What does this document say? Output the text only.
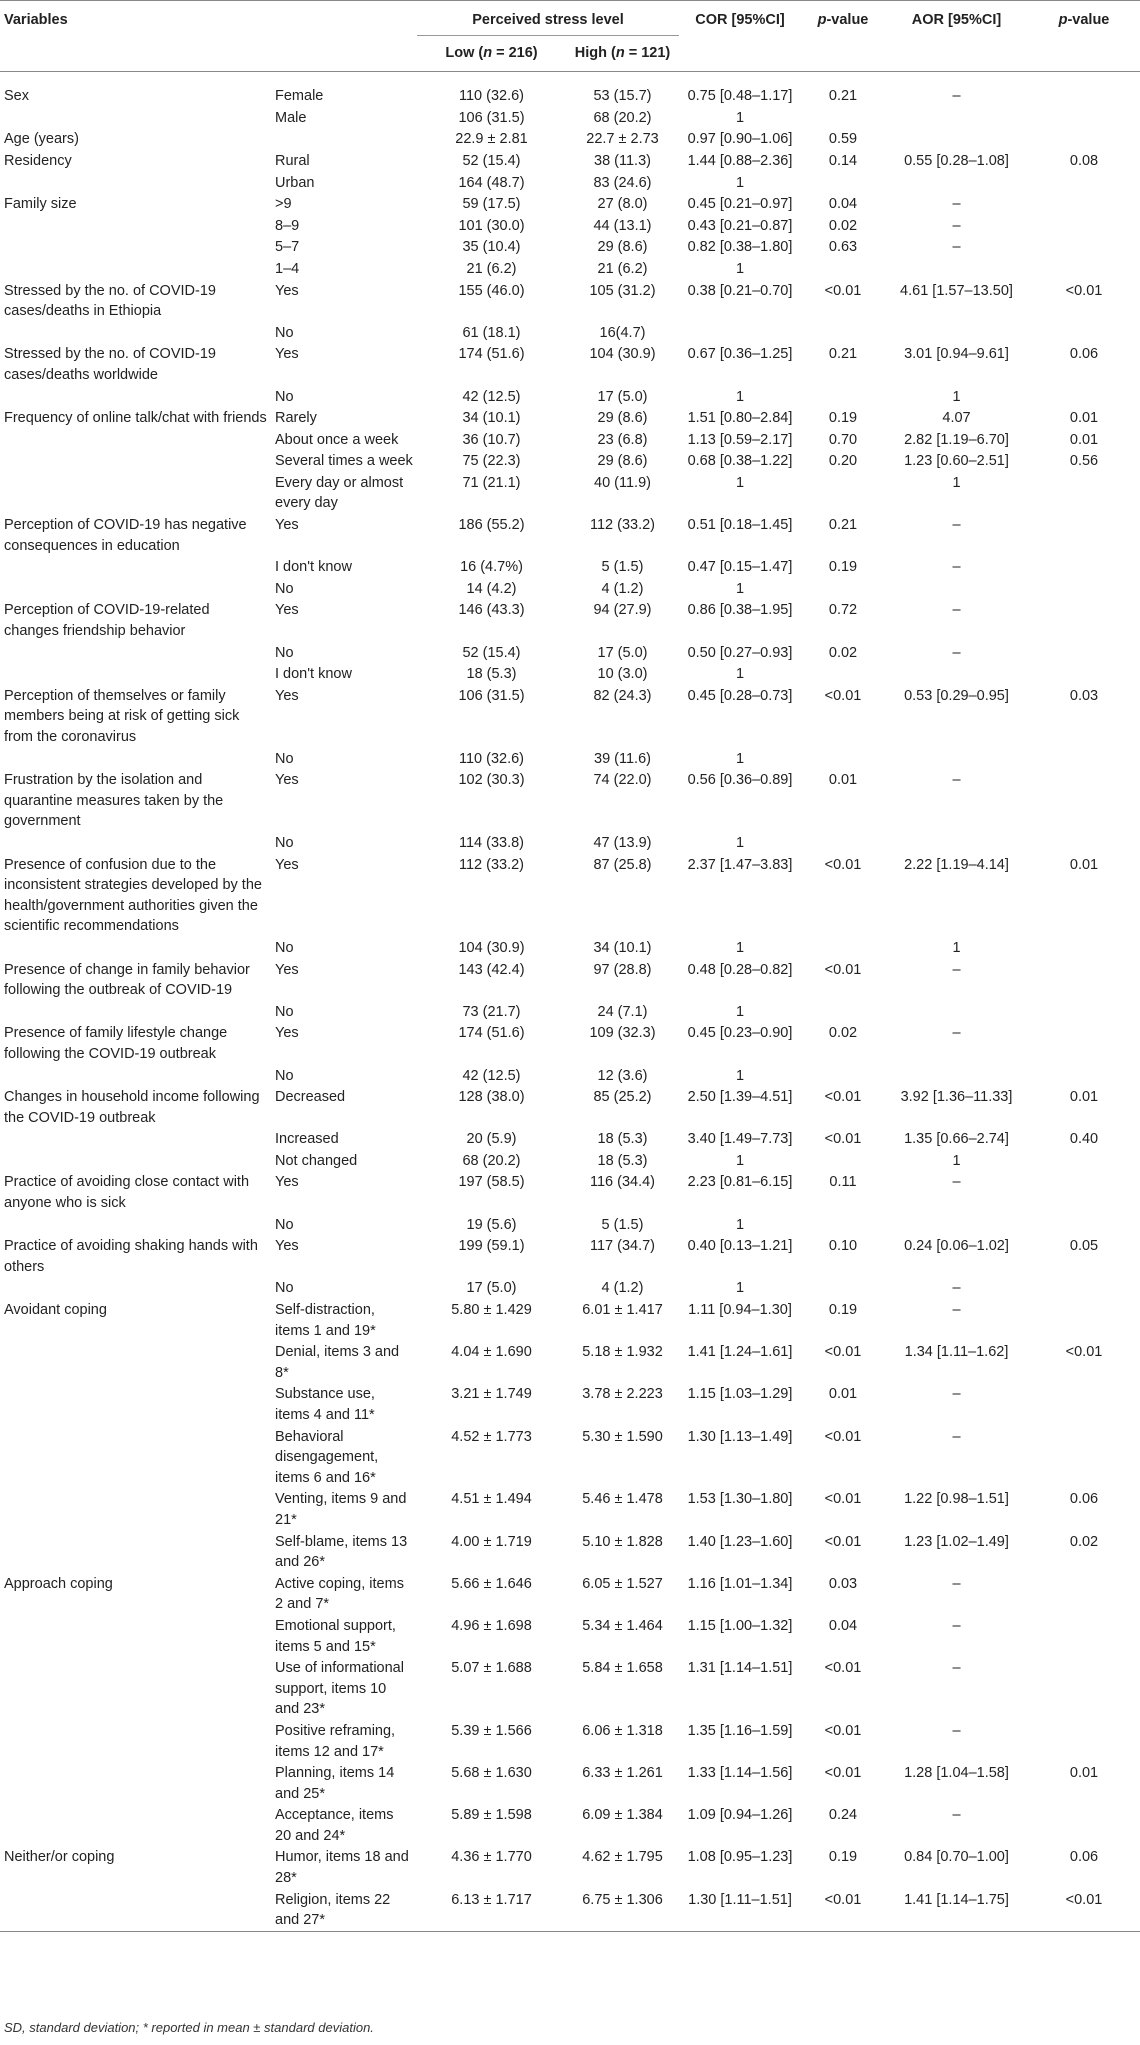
Variables		Perceived stress level		COR [95%CI]	p-value	AOR [95%CI]	p-value
		Low (n = 216)	High (n = 121)				
Sex	Female	110 (32.6)	53 (15.7)	0.75 [0.48–1.17]	0.21	–	
	Male	106 (31.5)	68 (20.2)	1			
Age (years)		22.9 ± 2.81	22.7 ± 2.73	0.97 [0.90–1.06]	0.59		
Residency	Rural	52 (15.4)	38 (11.3)	1.44 [0.88–2.36]	0.14	0.55 [0.28–1.08]	0.08
	Urban	164 (48.7)	83 (24.6)	1			
Family size	>9	59 (17.5)	27 (8.0)	0.45 [0.21–0.97]	0.04	–	
	8–9	101 (30.0)	44 (13.1)	0.43 [0.21–0.87]	0.02	–	
	5–7	35 (10.4)	29 (8.6)	0.82 [0.38–1.80]	0.63	–	
	1–4	21 (6.2)	21 (6.2)	1			
Stressed by the no. of COVID-19 cases/deaths in Ethiopia	Yes	155 (46.0)	105 (31.2)	0.38 [0.21–0.70]	<0.01	4.61 [1.57–13.50]	<0.01
	No	61 (18.1)	16(4.7)				
Stressed by the no. of COVID-19 cases/deaths worldwide	Yes	174 (51.6)	104 (30.9)	0.67 [0.36–1.25]	0.21	3.01 [0.94–9.61]	0.06
	No	42 (12.5)	17 (5.0)	1		1	
Frequency of online talk/chat with friends	Rarely	34 (10.1)	29 (8.6)	1.51 [0.80–2.84]	0.19	4.07	0.01
	About once a week	36 (10.7)	23 (6.8)	1.13 [0.59–2.17]	0.70	2.82 [1.19–6.70]	0.01
	Several times a week	75 (22.3)	29 (8.6)	0.68 [0.38–1.22]	0.20	1.23 [0.60–2.51]	0.56
	Every day or almost every day	71 (21.1)	40 (11.9)	1		1	
Perception of COVID-19 has negative consequences in education	Yes	186 (55.2)	112 (33.2)	0.51 [0.18–1.45]	0.21	–	
	I don't know	16 (4.7%)	5 (1.5)	0.47 [0.15–1.47]	0.19	–	
	No	14 (4.2)	4 (1.2)	1			
Perception of COVID-19-related changes friendship behavior	Yes	146 (43.3)	94 (27.9)	0.86 [0.38–1.95]	0.72	–	
	No	52 (15.4)	17 (5.0)	0.50 [0.27–0.93]	0.02	–	
	I don't know	18 (5.3)	10 (3.0)	1			
Perception of themselves or family members being at risk of getting sick from the coronavirus	Yes	106 (31.5)	82 (24.3)	0.45 [0.28–0.73]	<0.01	0.53 [0.29–0.95]	0.03
	No	110 (32.6)	39 (11.6)	1			
Frustration by the isolation and quarantine measures taken by the government	Yes	102 (30.3)	74 (22.0)	0.56 [0.36–0.89]	0.01	–	
	No	114 (33.8)	47 (13.9)	1			
Presence of confusion due to the inconsistent strategies developed by the health/government authorities given the scientific recommendations	Yes	112 (33.2)	87 (25.8)	2.37 [1.47–3.83]	<0.01	2.22 [1.19–4.14]	0.01
	No	104 (30.9)	34 (10.1)	1		1	
Presence of change in family behavior following the outbreak of COVID-19	Yes	143 (42.4)	97 (28.8)	0.48 [0.28–0.82]	<0.01	–	
	No	73 (21.7)	24 (7.1)	1			
Presence of family lifestyle change following the COVID-19 outbreak	Yes	174 (51.6)	109 (32.3)	0.45 [0.23–0.90]	0.02	–	
	No	42 (12.5)	12 (3.6)	1			
Changes in household income following the COVID-19 outbreak	Decreased	128 (38.0)	85 (25.2)	2.50 [1.39–4.51]	<0.01	3.92 [1.36–11.33]	0.01
	Increased	20 (5.9)	18 (5.3)	3.40 [1.49–7.73]	<0.01	1.35 [0.66–2.74]	0.40
	Not changed	68 (20.2)	18 (5.3)	1		1	
Practice of avoiding close contact with anyone who is sick	Yes	197 (58.5)	116 (34.4)	2.23 [0.81–6.15]	0.11	–	
	No	19 (5.6)	5 (1.5)	1			
Practice of avoiding shaking hands with others	Yes	199 (59.1)	117 (34.7)	0.40 [0.13–1.21]	0.10	0.24 [0.06–1.02]	0.05
	No	17 (5.0)	4 (1.2)	1		–	
Avoidant coping	Self-distraction, items 1 and 19*	5.80 ± 1.429	6.01 ± 1.417	1.11 [0.94–1.30]	0.19	–	
	Denial, items 3 and 8*	4.04 ± 1.690	5.18 ± 1.932	1.41 [1.24–1.61]	<0.01	1.34 [1.11–1.62]	<0.01
	Substance use, items 4 and 11*	3.21 ± 1.749	3.78 ± 2.223	1.15 [1.03–1.29]	0.01	–	
	Behavioral disengagement, items 6 and 16*	4.52 ± 1.773	5.30 ± 1.590	1.30 [1.13–1.49]	<0.01	–	
	Venting, items 9 and 21*	4.51 ± 1.494	5.46 ± 1.478	1.53 [1.30–1.80]	<0.01	1.22 [0.98–1.51]	0.06
	Self-blame, items 13 and 26*	4.00 ± 1.719	5.10 ± 1.828	1.40 [1.23–1.60]	<0.01	1.23 [1.02–1.49]	0.02
Approach coping	Active coping, items 2 and 7*	5.66 ± 1.646	6.05 ± 1.527	1.16 [1.01–1.34]	0.03	–	
	Emotional support, items 5 and 15*	4.96 ± 1.698	5.34 ± 1.464	1.15 [1.00–1.32]	0.04	–	
	Use of informational support, items 10 and 23*	5.07 ± 1.688	5.84 ± 1.658	1.31 [1.14–1.51]	<0.01	–	
	Positive reframing, items 12 and 17*	5.39 ± 1.566	6.06 ± 1.318	1.35 [1.16–1.59]	<0.01	–	
	Planning, items 14 and 25*	5.68 ± 1.630	6.33 ± 1.261	1.33 [1.14–1.56]	<0.01	1.28 [1.04–1.58]	0.01
	Acceptance, items 20 and 24*	5.89 ± 1.598	6.09 ± 1.384	1.09 [0.94–1.26]	0.24	–	
Neither/or coping	Humor, items 18 and 28*	4.36 ± 1.770	4.62 ± 1.795	1.08 [0.95–1.23]	0.19	0.84 [0.70–1.00]	0.06
	Religion, items 22 and 27*	6.13 ± 1.717	6.75 ± 1.306	1.30 [1.11–1.51]	<0.01	1.41 [1.14–1.75]	<0.01
SD, standard deviation; * reported in mean ± standard deviation.
